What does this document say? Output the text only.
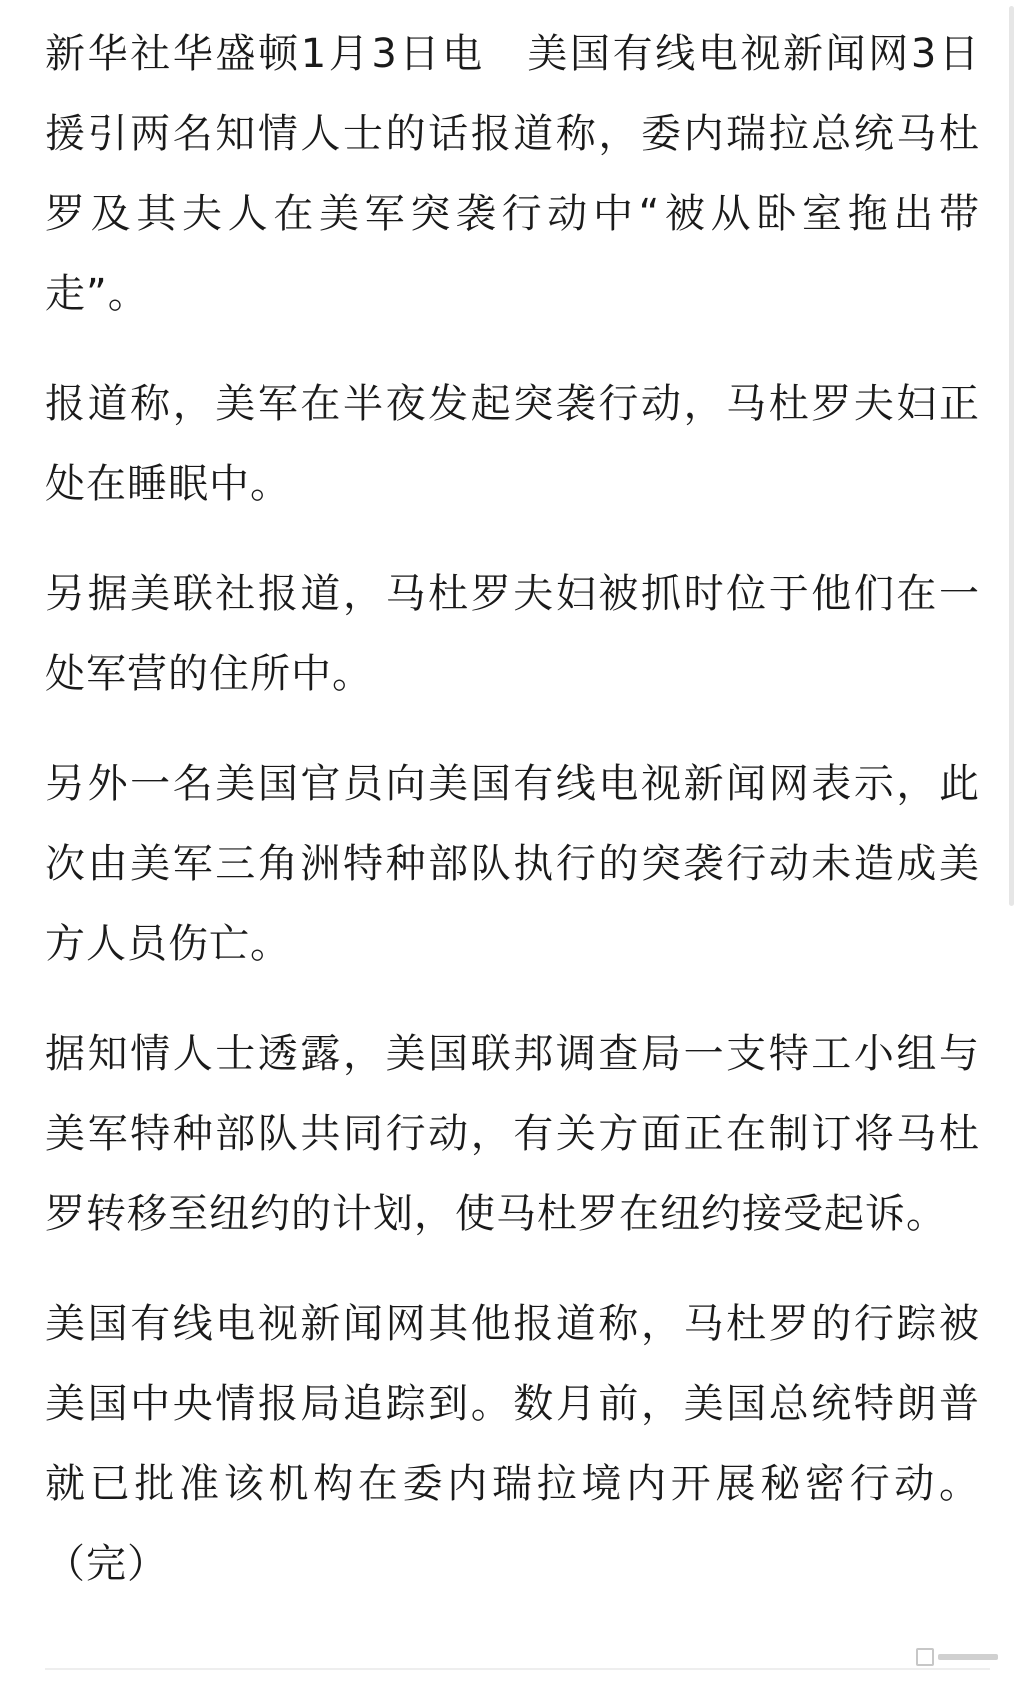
新华社华盛顿1月3日电　美国有线电视新闻网3日援引两名知情人士的话报道称，委内瑞拉总统马杜罗及其夫人在美军突袭行动中“被从卧室拖出带走”。

报道称，美军在半夜发起突袭行动，马杜罗夫妇正处在睡眠中。

另据美联社报道，马杜罗夫妇被抓时位于他们在一处军营的住所中。

另外一名美国官员向美国有线电视新闻网表示，此次由美军三角洲特种部队执行的突袭行动未造成美方人员伤亡。

据知情人士透露，美国联邦调查局一支特工小组与美军特种部队共同行动，有关方面正在制订将马杜罗转移至纽约的计划，使马杜罗在纽约接受起诉。

美国有线电视新闻网其他报道称，马杜罗的行踪被美国中央情报局追踪到。数月前，美国总统特朗普就已批准该机构在委内瑞拉境内开展秘密行动。（完）
